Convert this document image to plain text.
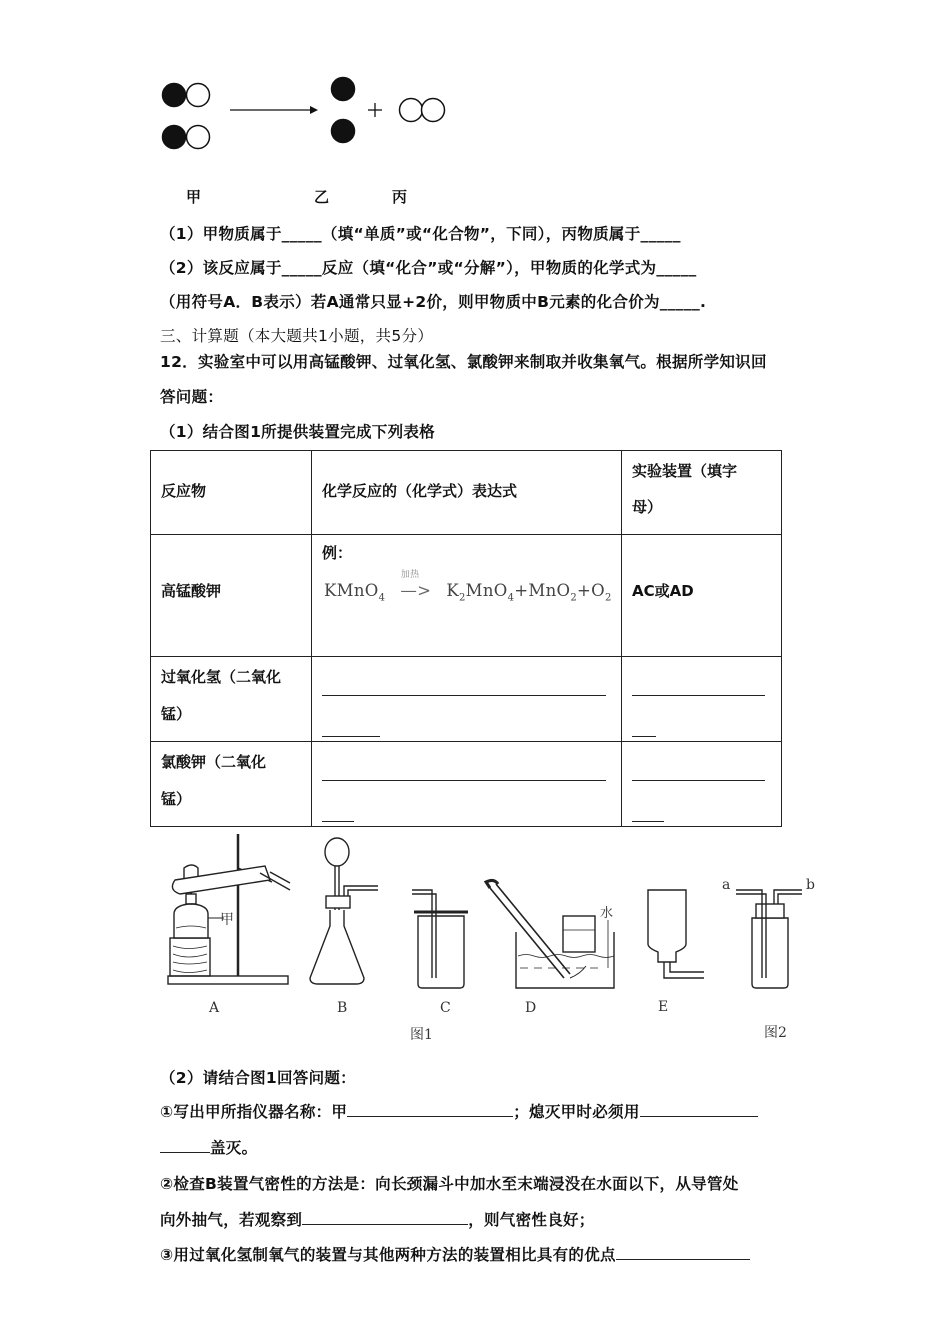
甲	乙	丙
（1）甲物质属于_____（填“单质”或“化合物”，下同），丙物质属于_____
（2）该反应属于_____反应（填“化合”或“分解”），甲物质的化学式为_____
（用符号A．B表示）若A通常只显+2价，则甲物质中B元素的化合价为_____.
三、计算题（本大题共1小题，共5分）
12．实验室中可以用高锰酸钾、过氧化氢、氯酸钾来制取并收集氧气。根据所学知识回
答问题：
（1）结合图1所提供装置完成下列表格
反应物	化学反应的（化学式）表达式	实验装置（填字
母）

高锰酸钾	例：
KMnO$_4$
加热
—> $K_2MnO_4+MnO_2+O_2$	AC或AD

过氧化氢（二氧化
锰）		

氯酸钾（二氧化
锰）		

甲	水
a	b
A	B	C	D	E
图1	图2
（2）请结合图1回答问题：
①写出甲所指仪器名称：甲	；熄灭甲时必须用
盖灭。
②检查B装置气密性的方法是：向长颈漏斗中加水至末端浸没在水面以下，从导管处
向外抽气，若观察到	，则气密性良好；
③用过氧化氢制氧气的装置与其他两种方法的装置相比具有的优点
